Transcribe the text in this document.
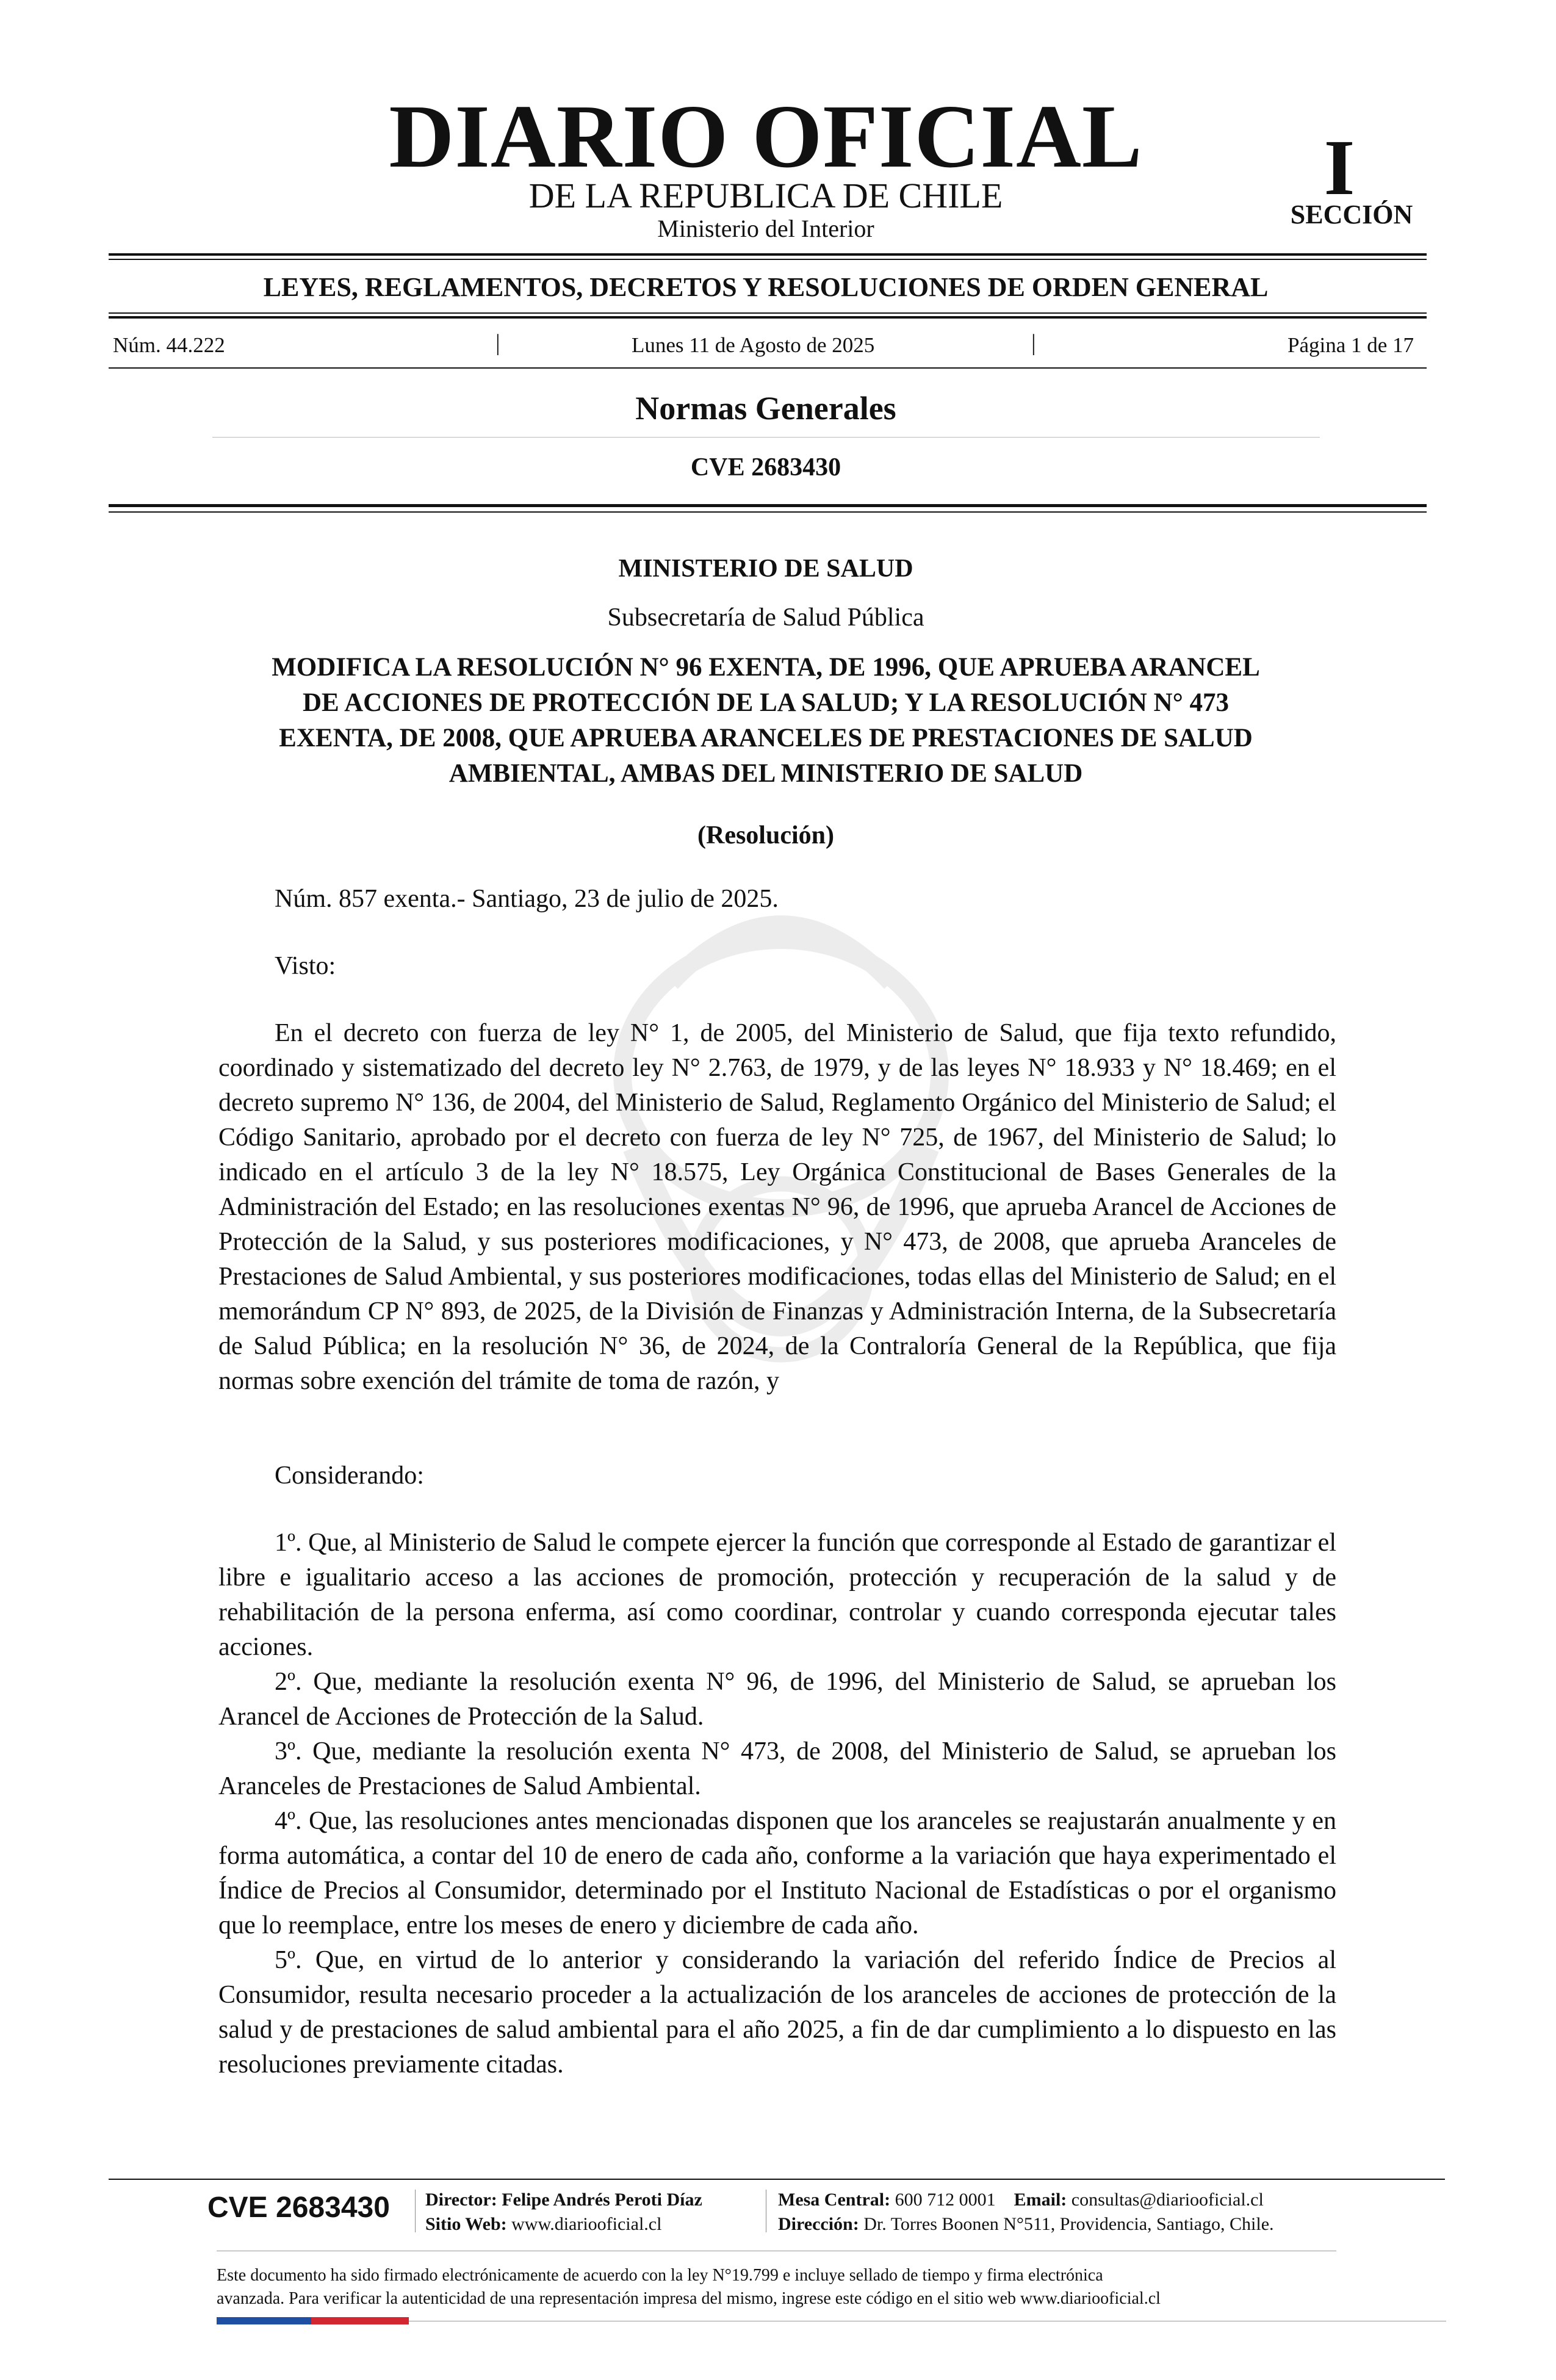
DIARIO OFICIAL
DE LA REPUBLICA DE CHILE
Ministerio del Interior
I
SECCIÓN
LEYES, REGLAMENTOS, DECRETOS Y RESOLUCIONES DE ORDEN GENERAL
Núm. 44.222	|	Lunes 11 de Agosto de 2025	|	Página 1 de 17
Normas Generales
CVE 2683430
MINISTERIO DE SALUD
Subsecretaría de Salud Pública
MODIFICA LA RESOLUCIÓN N° 96 EXENTA, DE 1996, QUE APRUEBA ARANCEL
DE ACCIONES DE PROTECCIÓN DE LA SALUD; Y LA RESOLUCIÓN N° 473
EXENTA, DE 2008, QUE APRUEBA ARANCELES DE PRESTACIONES DE SALUD
AMBIENTAL, AMBAS DEL MINISTERIO DE SALUD
(Resolución)
Núm. 857 exenta.- Santiago, 23 de julio de 2025.
Visto:

En el decreto con fuerza de ley N° 1, de 2005, del Ministerio de Salud, que fija texto refundido, coordinado y sistematizado del decreto ley N° 2.763, de 1979, y de las leyes N° 18.933 y N° 18.469; en el decreto supremo N° 136, de 2004, del Ministerio de Salud, Reglamento Orgánico del Ministerio de Salud; el Código Sanitario, aprobado por el decreto con fuerza de ley N° 725, de 1967, del Ministerio de Salud; lo indicado en el artículo 3 de la ley N° 18.575, Ley Orgánica Constitucional de Bases Generales de la Administración del Estado; en las resoluciones exentas N° 96, de 1996, que aprueba Arancel de Acciones de Protección de la Salud, y sus posteriores modificaciones, y N° 473, de 2008, que aprueba Aranceles de Prestaciones de Salud Ambiental, y sus posteriores modificaciones, todas ellas del Ministerio de Salud; en el memorándum CP N° 893, de 2025, de la División de Finanzas y Administración Interna, de la Subsecretaría de Salud Pública; en la resolución N° 36, de 2024, de la Contraloría General de la República, que fija normas sobre exención del trámite de toma de razón, y

Considerando:

1º. Que, al Ministerio de Salud le compete ejercer la función que corresponde al Estado de garantizar el libre e igualitario acceso a las acciones de promoción, protección y recuperación de la salud y de rehabilitación de la persona enferma, así como coordinar, controlar y cuando corresponda ejecutar tales acciones.

2º. Que, mediante la resolución exenta N° 96, de 1996, del Ministerio de Salud, se aprueban los Arancel de Acciones de Protección de la Salud.

3º. Que, mediante la resolución exenta N° 473, de 2008, del Ministerio de Salud, se aprueban los Aranceles de Prestaciones de Salud Ambiental.

4º. Que, las resoluciones antes mencionadas disponen que los aranceles se reajustarán anualmente y en forma automática, a contar del 10 de enero de cada año, conforme a la variación que haya experimentado el Índice de Precios al Consumidor, determinado por el Instituto Nacional de Estadísticas o por el organismo que lo reemplace, entre los meses de enero y diciembre de cada año.

5º. Que, en virtud de lo anterior y considerando la variación del referido Índice de Precios al Consumidor, resulta necesario proceder a la actualización de los aranceles de acciones de protección de la salud y de prestaciones de salud ambiental para el año 2025, a fin de dar cumplimiento a lo dispuesto en las resoluciones previamente citadas.

CVE 2683430 Director: Felipe Andrés Peroti Díaz
Sitio Web: www.diariooficial.cl
Mesa Central: 600 712 0001 Email: consultas@diariooficial.cl
Dirección: Dr. Torres Boonen N°511, Providencia, Santiago, Chile.
Este documento ha sido firmado electrónicamente de acuerdo con la ley N°19.799 e incluye sellado de tiempo y firma electrónica
avanzada. Para verificar la autenticidad de una representación impresa del mismo, ingrese este código en el sitio web www.diariooficial.cl
